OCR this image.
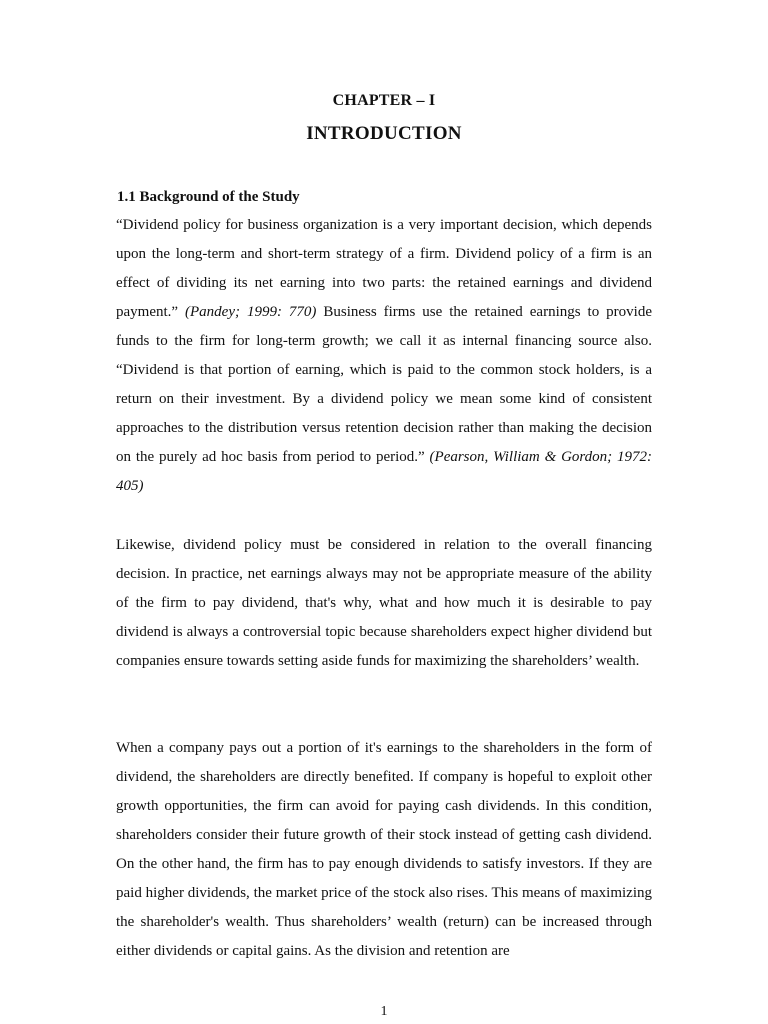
CHAPTER – I
INTRODUCTION
1.1 Background of the Study

“Dividend policy for business organization is a very important decision, which depends upon the long-term and short-term strategy of a firm. Dividend policy of a firm is an effect of dividing its net earning into two parts: the retained earnings and dividend payment.” (Pandey; 1999: 770) Business firms use the retained earnings to provide funds to the firm for long-term growth; we call it as internal financing source also. “Dividend is that portion of earning, which is paid to the common stock holders, is a return on their investment. By a dividend policy we mean some kind of consistent approaches to the distribution versus retention decision rather than making the decision on the purely ad hoc basis from period to period.” (Pearson, William & Gordon; 1972: 405)

Likewise, dividend policy must be considered in relation to the overall financing decision. In practice, net earnings always may not be appropriate measure of the ability of the firm to pay dividend, that's why, what and how much it is desirable to pay dividend is always a controversial topic because shareholders expect higher dividend but companies ensure towards setting aside funds for maximizing the shareholders’ wealth.

When a company pays out a portion of it's earnings to the shareholders in the form of dividend, the shareholders are directly benefited. If company is hopeful to exploit other growth opportunities, the firm can avoid for paying cash dividends. In this condition, shareholders consider their future growth of their stock instead of getting cash dividend. On the other hand, the firm has to pay enough dividends to satisfy investors. If they are paid higher dividends, the market price of the stock also rises. This means of maximizing the shareholder's wealth. Thus shareholders’ wealth (return) can be increased through either dividends or capital gains. As the division and retention are

1
